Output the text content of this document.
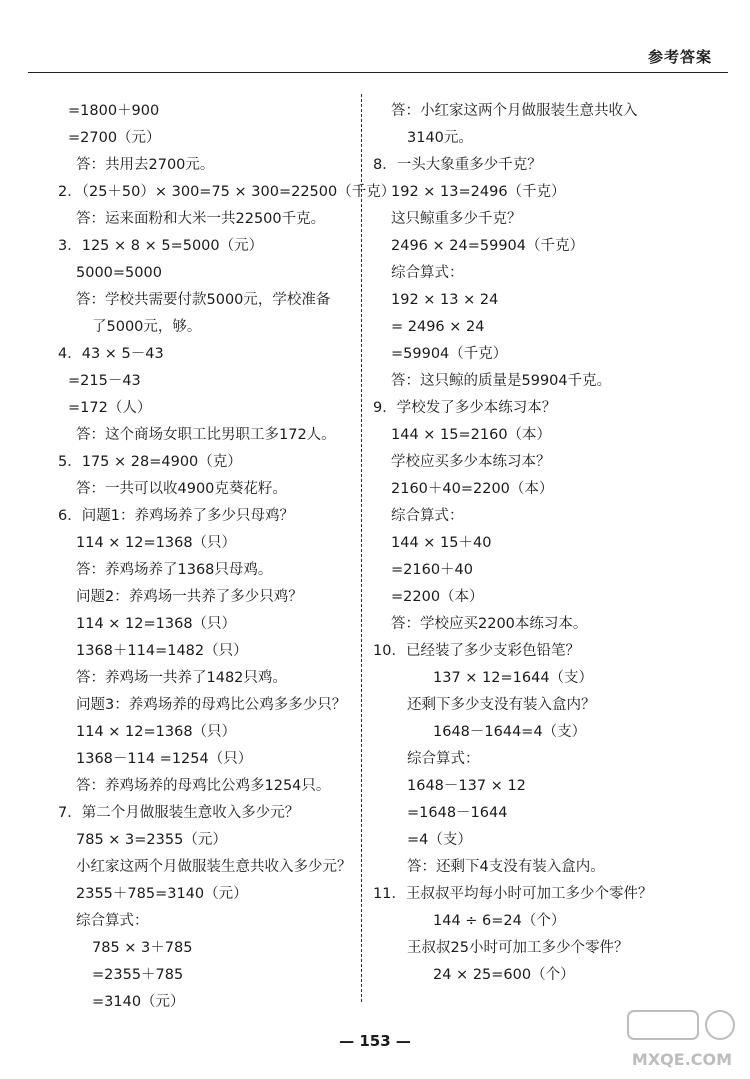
参考答案
=1800＋900
=2700（元）
答：共用去2700元。
2．（25＋50）× 300=75 × 300=22500（千克）
答：运来面粉和大米一共22500千克。
3．125 × 8 × 5=5000（元）
5000=5000
答：学校共需要付款5000元，学校准备
了5000元，够。
4．43 × 5－43
=215－43
=172（人）
答：这个商场女职工比男职工多172人。
5．175 × 28=4900（克）
答：一共可以收4900克葵花籽。
6．问题1：养鸡场养了多少只母鸡？
114 × 12=1368（只）
答：养鸡场养了1368只母鸡。
问题2：养鸡场一共养了多少只鸡？
114 × 12=1368（只）
1368＋114=1482（只）
答：养鸡场一共养了1482只鸡。
问题3：养鸡场养的母鸡比公鸡多多少只？
114 × 12=1368（只）
1368－114 =1254（只）
答：养鸡场养的母鸡比公鸡多1254只。
7．第二个月做服装生意收入多少元？
785 × 3=2355（元）
小红家这两个月做服装生意共收入多少元？
2355＋785=3140（元）
综合算式：
785 × 3＋785
=2355＋785
=3140（元）
答：小红家这两个月做服装生意共收入
3140元。
8．一头大象重多少千克？
192 × 13=2496（千克）
这只鲸重多少千克？
2496 × 24=59904（千克）
综合算式：
192 × 13 × 24
= 2496 × 24
=59904（千克）
答：这只鲸的质量是59904千克。
9．学校发了多少本练习本？
144 × 15=2160（本）
学校应买多少本练习本？
2160＋40=2200（本）
综合算式：
144 × 15＋40
=2160＋40
=2200（本）
答：学校应买2200本练习本。
10．已经装了多少支彩色铅笔？
137 × 12=1644（支）
还剩下多少支没有装入盒内？
1648－1644=4（支）
综合算式：
1648－137 × 12
=1648－1644
=4（支）
答：还剩下4支没有装入盒内。
11．王叔叔平均每小时可加工多少个零件？
144 ÷ 6=24（个）
王叔叔25小时可加工多少个零件？
24 × 25=600（个）
— 153 —
MXQE.COM
